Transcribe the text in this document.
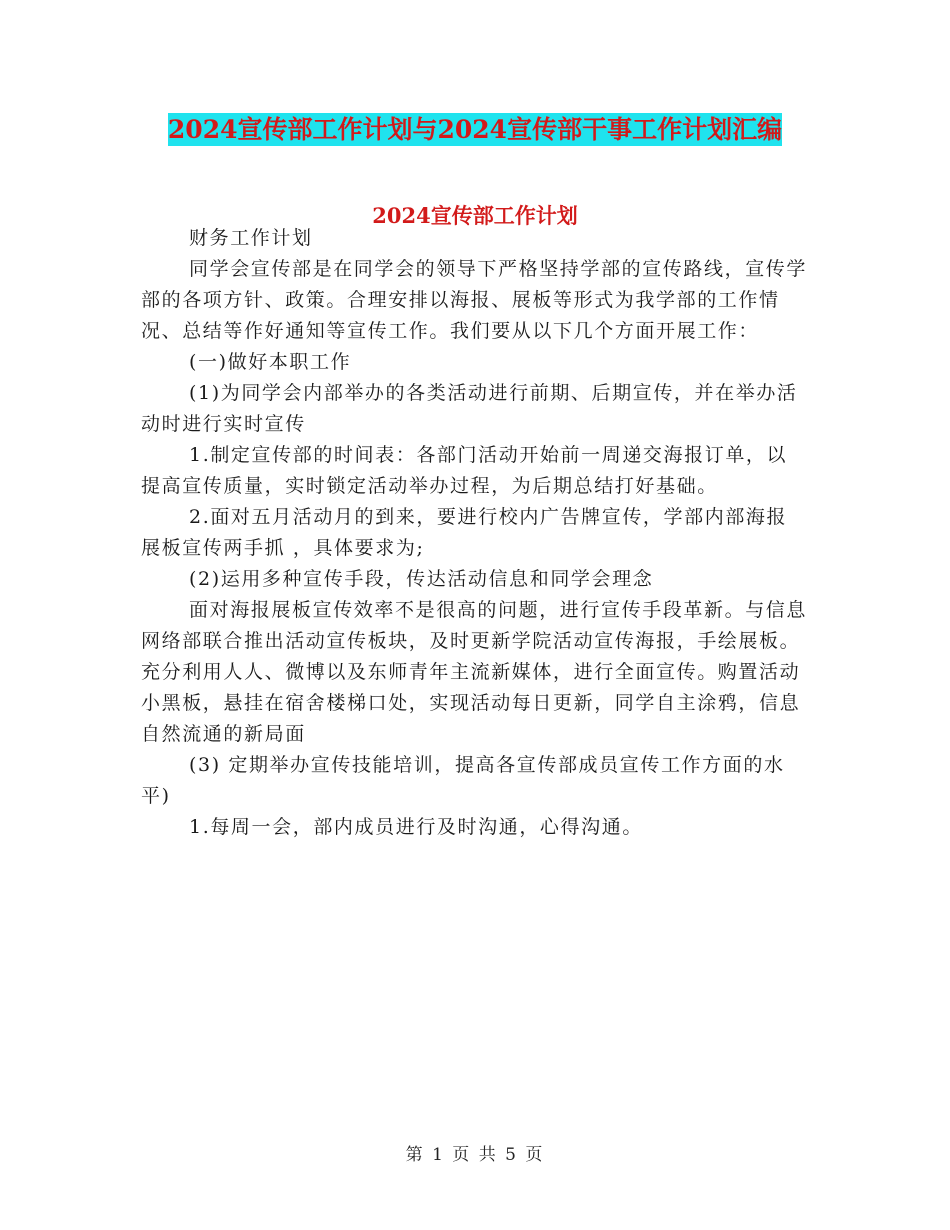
2024宣传部工作计划与2024宣传部干事工作计划汇编
2024宣传部工作计划

财务工作计划

同学会宣传部是在同学会的领导下严格坚持学部的宣传路线，宣传学部的各项方针、政策。合理安排以海报、展板等形式为我学部的工作情况、总结等作好通知等宣传工作。我们要从以下几个方面开展工作：

(一)做好本职工作

(1)为同学会内部举办的各类活动进行前期、后期宣传，并在举办活动时进行实时宣传

1.制定宣传部的时间表：各部门活动开始前一周递交海报订单，以提高宣传质量，实时锁定活动举办过程，为后期总结打好基础。

2.面对五月活动月的到来，要进行校内广告牌宣传，学部内部海报展板宣传两手抓 ，具体要求为;

(2)运用多种宣传手段，传达活动信息和同学会理念

面对海报展板宣传效率不是很高的问题，进行宣传手段革新。与信息网络部联合推出活动宣传板块，及时更新学院活动宣传海报，手绘展板。充分利用人人、微博以及东师青年主流新媒体，进行全面宣传。购置活动小黑板，悬挂在宿舍楼梯口处，实现活动每日更新，同学自主涂鸦，信息自然流通的新局面

(3) 定期举办宣传技能培训，提高各宣传部成员宣传工作方面的水平)

1.每周一会，部内成员进行及时沟通，心得沟通。

第 1 页 共 5 页
